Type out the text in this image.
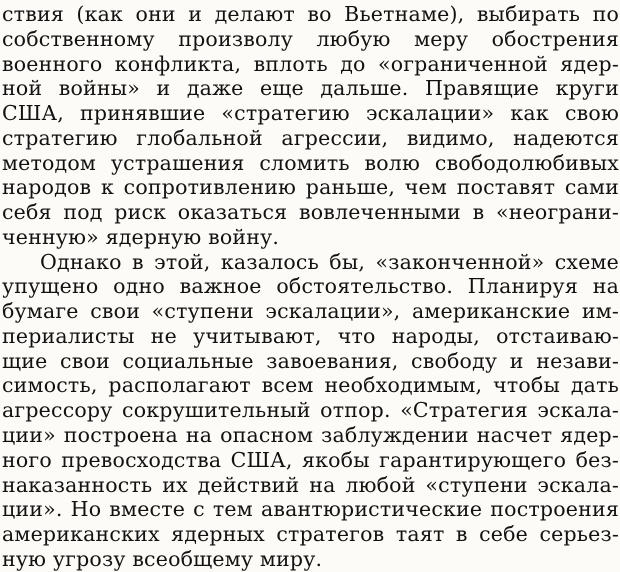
ствия (как они и делают во Вьетнаме), выбирать по
собственному произволу любую меру обострения
военного конфликта, вплоть до «ограниченной ядер-
ной войны» и даже еще дальше. Правящие круги
США, принявшие «стратегию эскалации» как свою
стратегию глобальной агрессии, видимо, надеются
методом устрашения сломить волю свободолюбивых
народов к сопротивлению раньше, чем поставят сами
себя под риск оказаться вовлеченными в «неограни-
ченную» ядерную войну.
Однако в этой, казалось бы, «законченной» схеме
упущено одно важное обстоятельство. Планируя на
бумаге свои «ступени эскалации», американские им-
периалисты не учитывают, что народы, отстаиваю-
щие свои социальные завоевания, свободу и незави-
симость, располагают всем необходимым, чтобы дать
агрессору сокрушительный отпор. «Стратегия эскала-
ции» построена на опасном заблуждении насчет ядер-
ного превосходства США, якобы гарантирующего без-
наказанность их действий на любой «ступени эскала-
ции». Но вместе с тем авантюристические построения
американских ядерных стратегов таят в себе серьез-
ную угрозу всеобщему миру.
